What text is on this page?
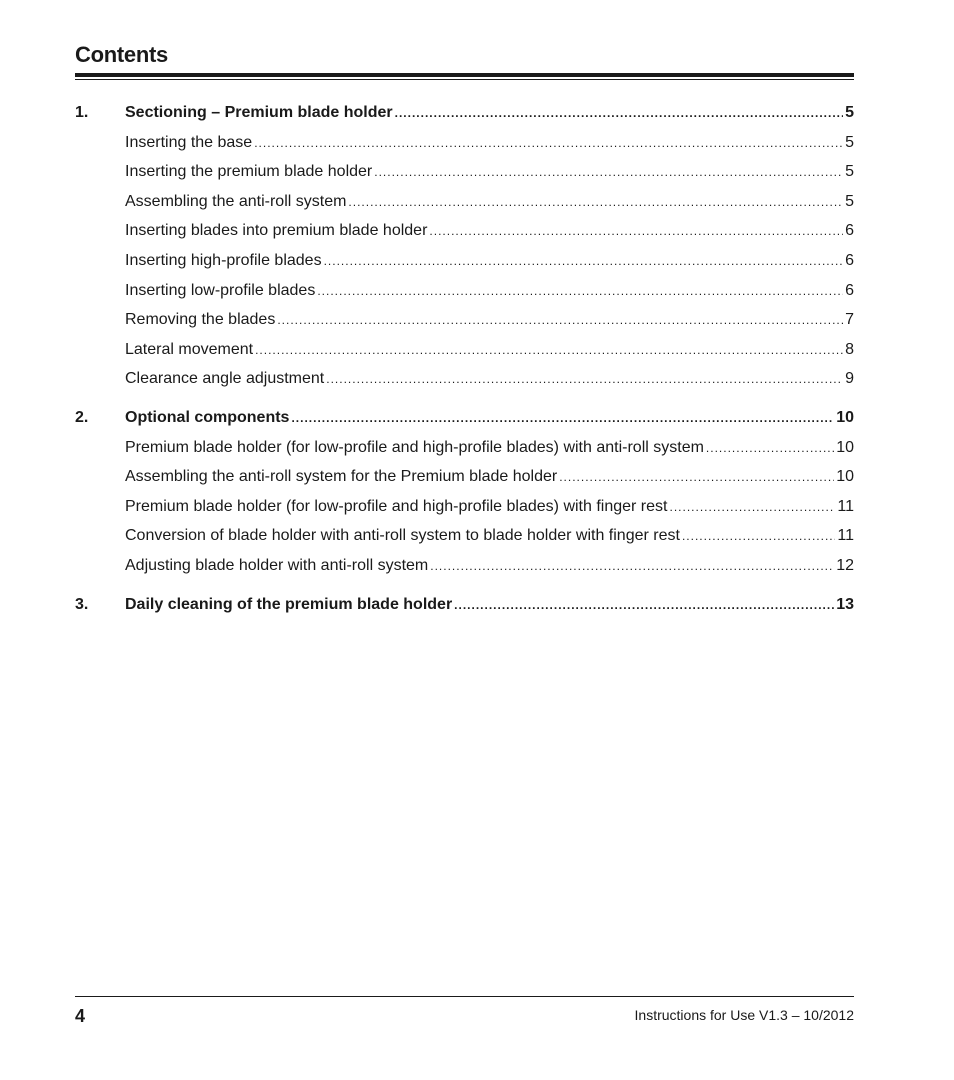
Contents
1.	Sectioning – Premium blade holder .....	5
Inserting the base .....	5
Inserting the premium blade holder .....	5
Assembling the anti-roll system .....	5
Inserting blades into premium blade holder .....	6
Inserting high-profile blades .....	6
Inserting low-profile blades .....	6
Removing the blades .....	7
Lateral movement .....	8
Clearance angle adjustment .....	9
2.	Optional components .....	10
Premium blade holder (for low-profile and high-profile blades) with anti-roll system .....	10
Assembling the anti-roll system for the Premium blade holder .....	10
Premium blade holder (for low-profile and high-profile blades) with finger rest .....	11
Conversion of blade holder with anti-roll system to blade holder with finger rest .....	11
Adjusting blade holder with anti-roll system .....	12
3.	Daily cleaning of the premium blade holder .....	13
4	Instructions for Use V1.3 – 10/2012
